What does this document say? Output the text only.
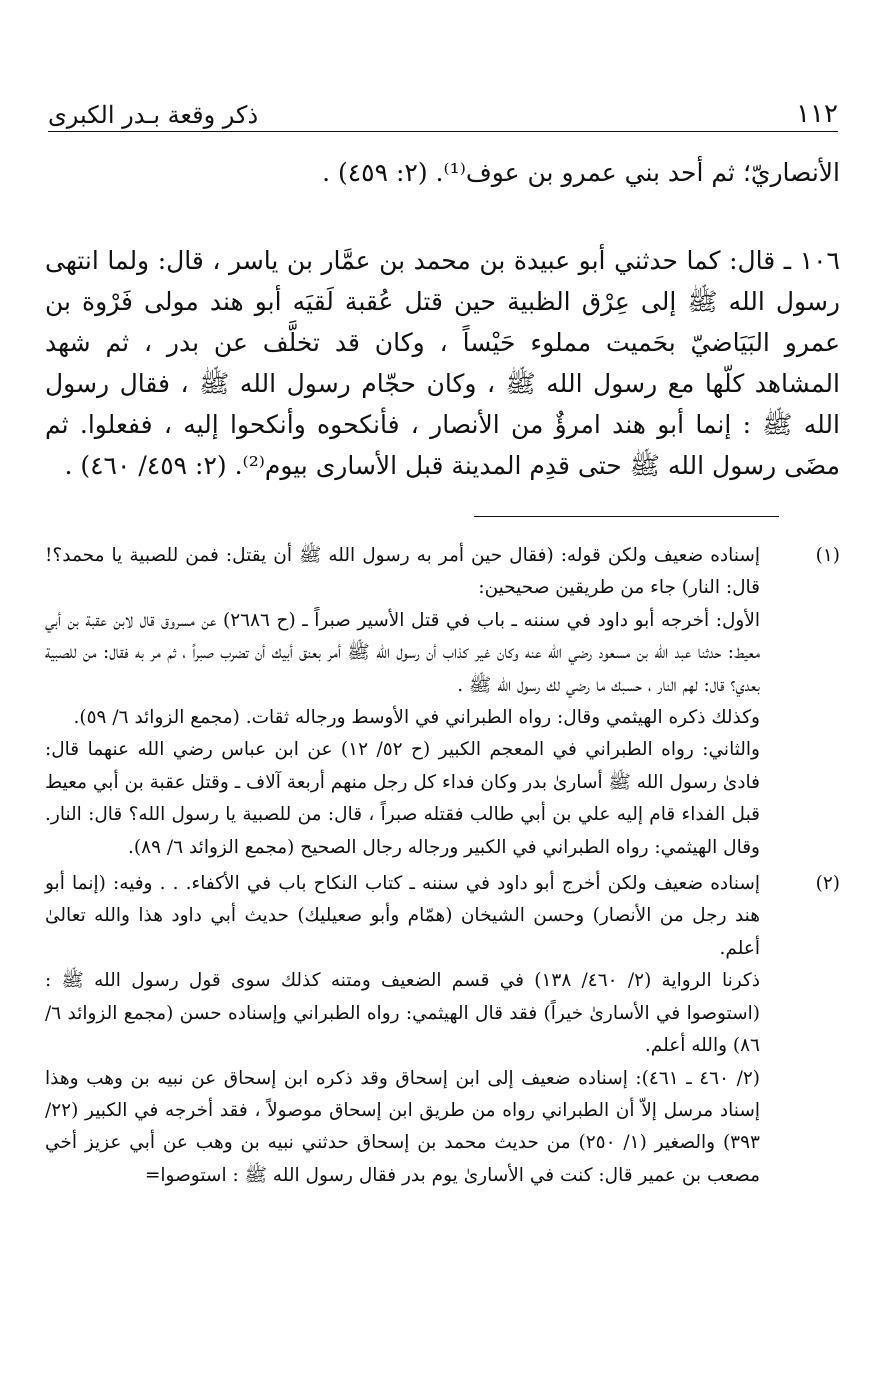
١١٢
ذكر وقعة بـدر الكبرى
الأنصاريّ؛ ثم أحد بني عمرو بن عوف⁽¹⁾. (٢: ٤٥٩) .

١٠٦ ـ قال: كما حدثني أبو عبيدة بن محمد بن عمَّار بن ياسر ، قال: ولما انتهى رسول الله ﷺ إلى عِرْق الظبية حين قتل عُقبة لَقيَه أبو هند مولى فَرْوة بن عمرو البَيَاضيّ بحَميت مملوء حَيْساً ، وكان قد تخلَّف عن بدر ، ثم شهد المشاهد كلّها مع رسول الله ﷺ ، وكان حجّام رسول الله ﷺ ، فقال رسول الله ﷺ : إنما أبو هند امرؤٌ من الأنصار ، فأنكحوه وأنكحوا إليه ، ففعلوا. ثم مضَى رسول الله ﷺ حتى قدِم المدينة قبل الأسارى بيوم⁽²⁾. (٢: ٤٥٩/ ٤٦٠) .

(١)

إسناده ضعيف ولكن قوله: (فقال حين أمر به رسول الله ﷺ أن يقتل: فمن للصبية يا محمد؟! قال: النار) جاء من طريقين صحيحين:

الأول: أخرجه أبو داود في سننه ـ باب في قتل الأسير صبراً ـ (ح ٢٦٨٦) عن مسروق قال لابن عقبة بن أبي معيط: حدثنا عبد الله بن مسعود رضي الله عنه وكان غير كذاب أن رسول الله ﷺ أمر بعنق أبيك أن تضرب صبراً ، ثم مر به فقال: من للصبية بعدي؟ قال: لهم النار ، حسبك ما رضي لك رسول الله ﷺ .

وكذلك ذكره الهيثمي وقال: رواه الطبراني في الأوسط ورجاله ثقات. (مجمع الزوائد ٦/ ٥٩).

والثاني: رواه الطبراني في المعجم الكبير (ح ٥٢/ ١٢) عن ابن عباس رضي الله عنهما قال: فادىٰ رسول الله ﷺ أسارىٰ بدر وكان فداء كل رجل منهم أربعة آلاف ـ وقتل عقبة بن أبي معيط قبل الفداء قام إليه علي بن أبي طالب فقتله صبراً ، قال: من للصبية يا رسول الله؟ قال: النار. وقال الهيثمي: رواه الطبراني في الكبير ورجاله رجال الصحيح (مجمع الزوائد ٦/ ٨٩).

(٢)

إسناده ضعيف ولكن أخرج أبو داود في سننه ـ كتاب النكاح باب في الأكفاء. . . وفيه: (إنما أبو هند رجل من الأنصار) وحسن الشيخان (همّام وأبو صعيليك) حديث أبي داود هذا والله تعالىٰ أعلم.

ذكرنا الرواية (٢/ ٤٦٠/ ١٣٨) في قسم الضعيف ومتنه كذلك سوى قول رسول الله ﷺ : (استوصوا في الأسارىٰ خيراً) فقد قال الهيثمي: رواه الطبراني وإسناده حسن (مجمع الزوائد ٦/ ٨٦) والله أعلم.

(٢/ ٤٦٠ ـ ٤٦١): إسناده ضعيف إلى ابن إسحاق وقد ذكره ابن إسحاق عن نبيه بن وهب وهذا إسناد مرسل إلاّ أن الطبراني رواه من طريق ابن إسحاق موصولاً ، فقد أخرجه في الكبير (٢٢/ ٣٩٣) والصغير (١/ ٢٥٠) من حديث محمد بن إسحاق حدثني نبيه بن وهب عن أبي عزيز أخي مصعب بن عمير قال: كنت في الأسارىٰ يوم بدر فقال رسول الله ﷺ : استوصوا=
